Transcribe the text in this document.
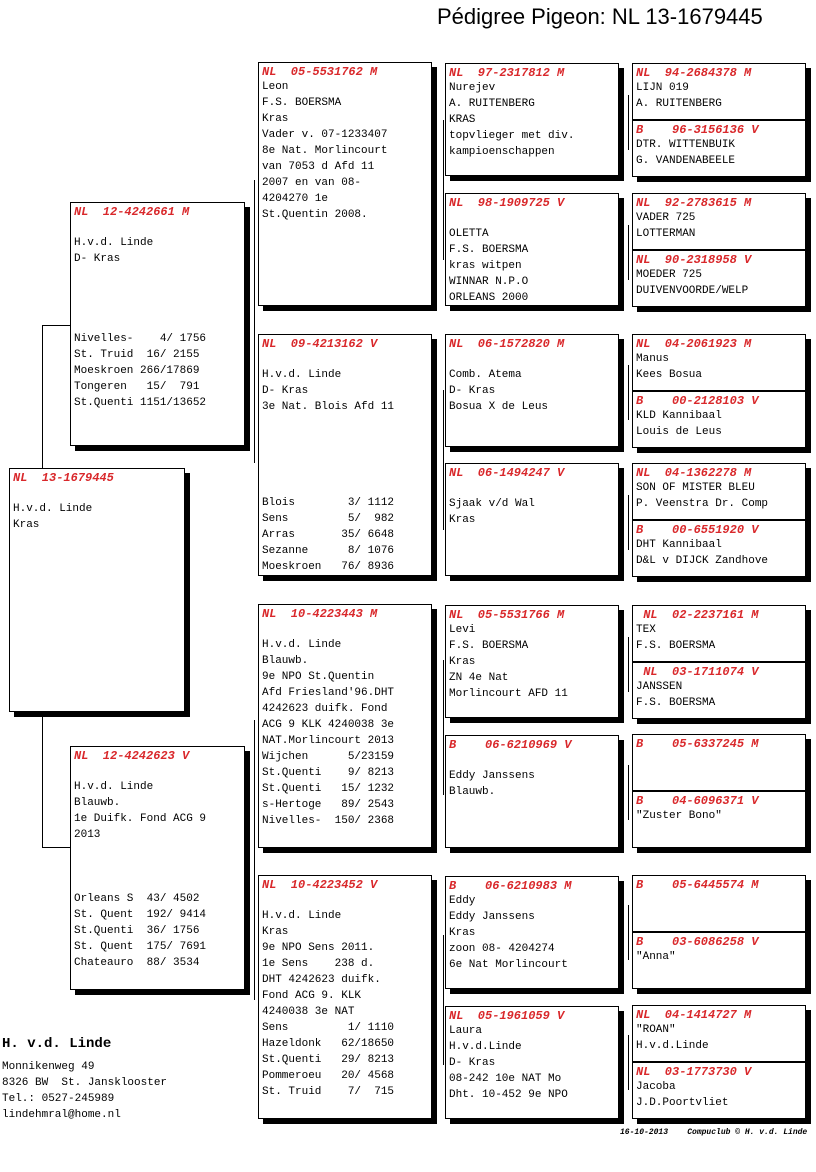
Pédigree Pigeon: NL 13-1679445
NL  13-1679445
H.v.d. Linde
Kras
NL  12-4242661 M
H.v.d. Linde
D- Kras
Nivelles-    4/ 1756
St. Truid  16/ 2155
Moeskroen 266/17869
Tongeren   15/  791
St.Quenti 1151/13652
NL  12-4242623 V
H.v.d. Linde
Blauwb.
1e Duifk. Fond ACG 9
2013
Orleans S  43/ 4502
St. Quent  192/ 9414
St.Quenti  36/ 1756
St. Quent  175/ 7691
Chateauro  88/ 3534
NL  05-5531762 M
Leon
F.S. BOERSMA
Kras
Vader v. 07-1233407
8e Nat. Morlincourt
van 7053 d Afd 11
2007 en van 08-
4204270 1e
St.Quentin 2008.
NL  09-4213162 V
H.v.d. Linde
D- Kras
3e Nat. Blois Afd 11
Blois        3/ 1112
Sens         5/  982
Arras       35/ 6648
Sezanne      8/ 1076
Moeskroen   76/ 8936
NL  10-4223443 M
H.v.d. Linde
Blauwb.
9e NPO St.Quentin
Afd Friesland'96.DHT
4242623 duifk. Fond
ACG 9 KLK 4240038 3e
NAT.Morlincourt 2013
Wijchen      5/23159
St.Quenti    9/ 8213
St.Quenti   15/ 1232
s-Hertoge   89/ 2543
Nivelles-  150/ 2368
NL  10-4223452 V
H.v.d. Linde
Kras
9e NPO Sens 2011.
1e Sens    238 d.
DHT 4242623 duifk.
Fond ACG 9. KLK
4240038 3e NAT
Sens         1/ 1110
Hazeldonk   62/18650
St.Quenti   29/ 8213
Pommeroeu   20/ 4568
St. Truid    7/  715
NL  97-2317812 M
Nurejev
A. RUITENBERG
KRAS
topvlieger met div.
kampioenschappen
NL  98-1909725 V
OLETTA
F.S. BOERSMA
kras witpen
WINNAR N.P.O
ORLEANS 2000
NL  06-1572820 M
Comb. Atema
D- Kras
Bosua X de Leus
NL  06-1494247 V
Sjaak v/d Wal
Kras
NL  05-5531766 M
Levi
F.S. BOERSMA
Kras
ZN 4e Nat
Morlincourt AFD 11
B    06-6210969 V
Eddy Janssens
Blauwb.
B    06-6210983 M
Eddy
Eddy Janssens
Kras
zoon 08- 4204274
6e Nat Morlincourt
NL  05-1961059 V
Laura
H.v.d.Linde
D- Kras
08-242 10e NAT Mo
Dht. 10-452 9e NPO
NL  94-2684378 M
LIJN 019
A. RUITENBERG
B    96-3156136 V
DTR. WITTENBUIK
G. VANDENABEELE
NL  92-2783615 M
VADER 725
LOTTERMAN
NL  90-2318958 V
MOEDER 725
DUIVENVOORDE/WELP
NL  04-2061923 M
Manus
Kees Bosua
B    00-2128103 V
KLD Kannibaal
Louis de Leus
NL  04-1362278 M
SON OF MISTER BLEU
P. Veenstra Dr. Comp
B    00-6551920 V
DHT Kannibaal
D&L v DIJCK Zandhove
NL  02-2237161 M
TEX
F.S. BOERSMA
NL  03-1711074 V
JANSSEN
F.S. BOERSMA
B    05-6337245 M
B    04-6096371 V
"Zuster Bono"
B    05-6445574 M
B    03-6086258 V
"Anna"
NL  04-1414727 M
"ROAN"
H.v.d.Linde
NL  03-1773730 V
Jacoba
J.D.Poortvliet
H. v.d. Linde
Monnikenweg 49
8326 BW  St. Jansklooster
Tel.: 0527-245989
lindehmral@home.nl
16-10-2013    Compuclub © H. v.d. Linde
